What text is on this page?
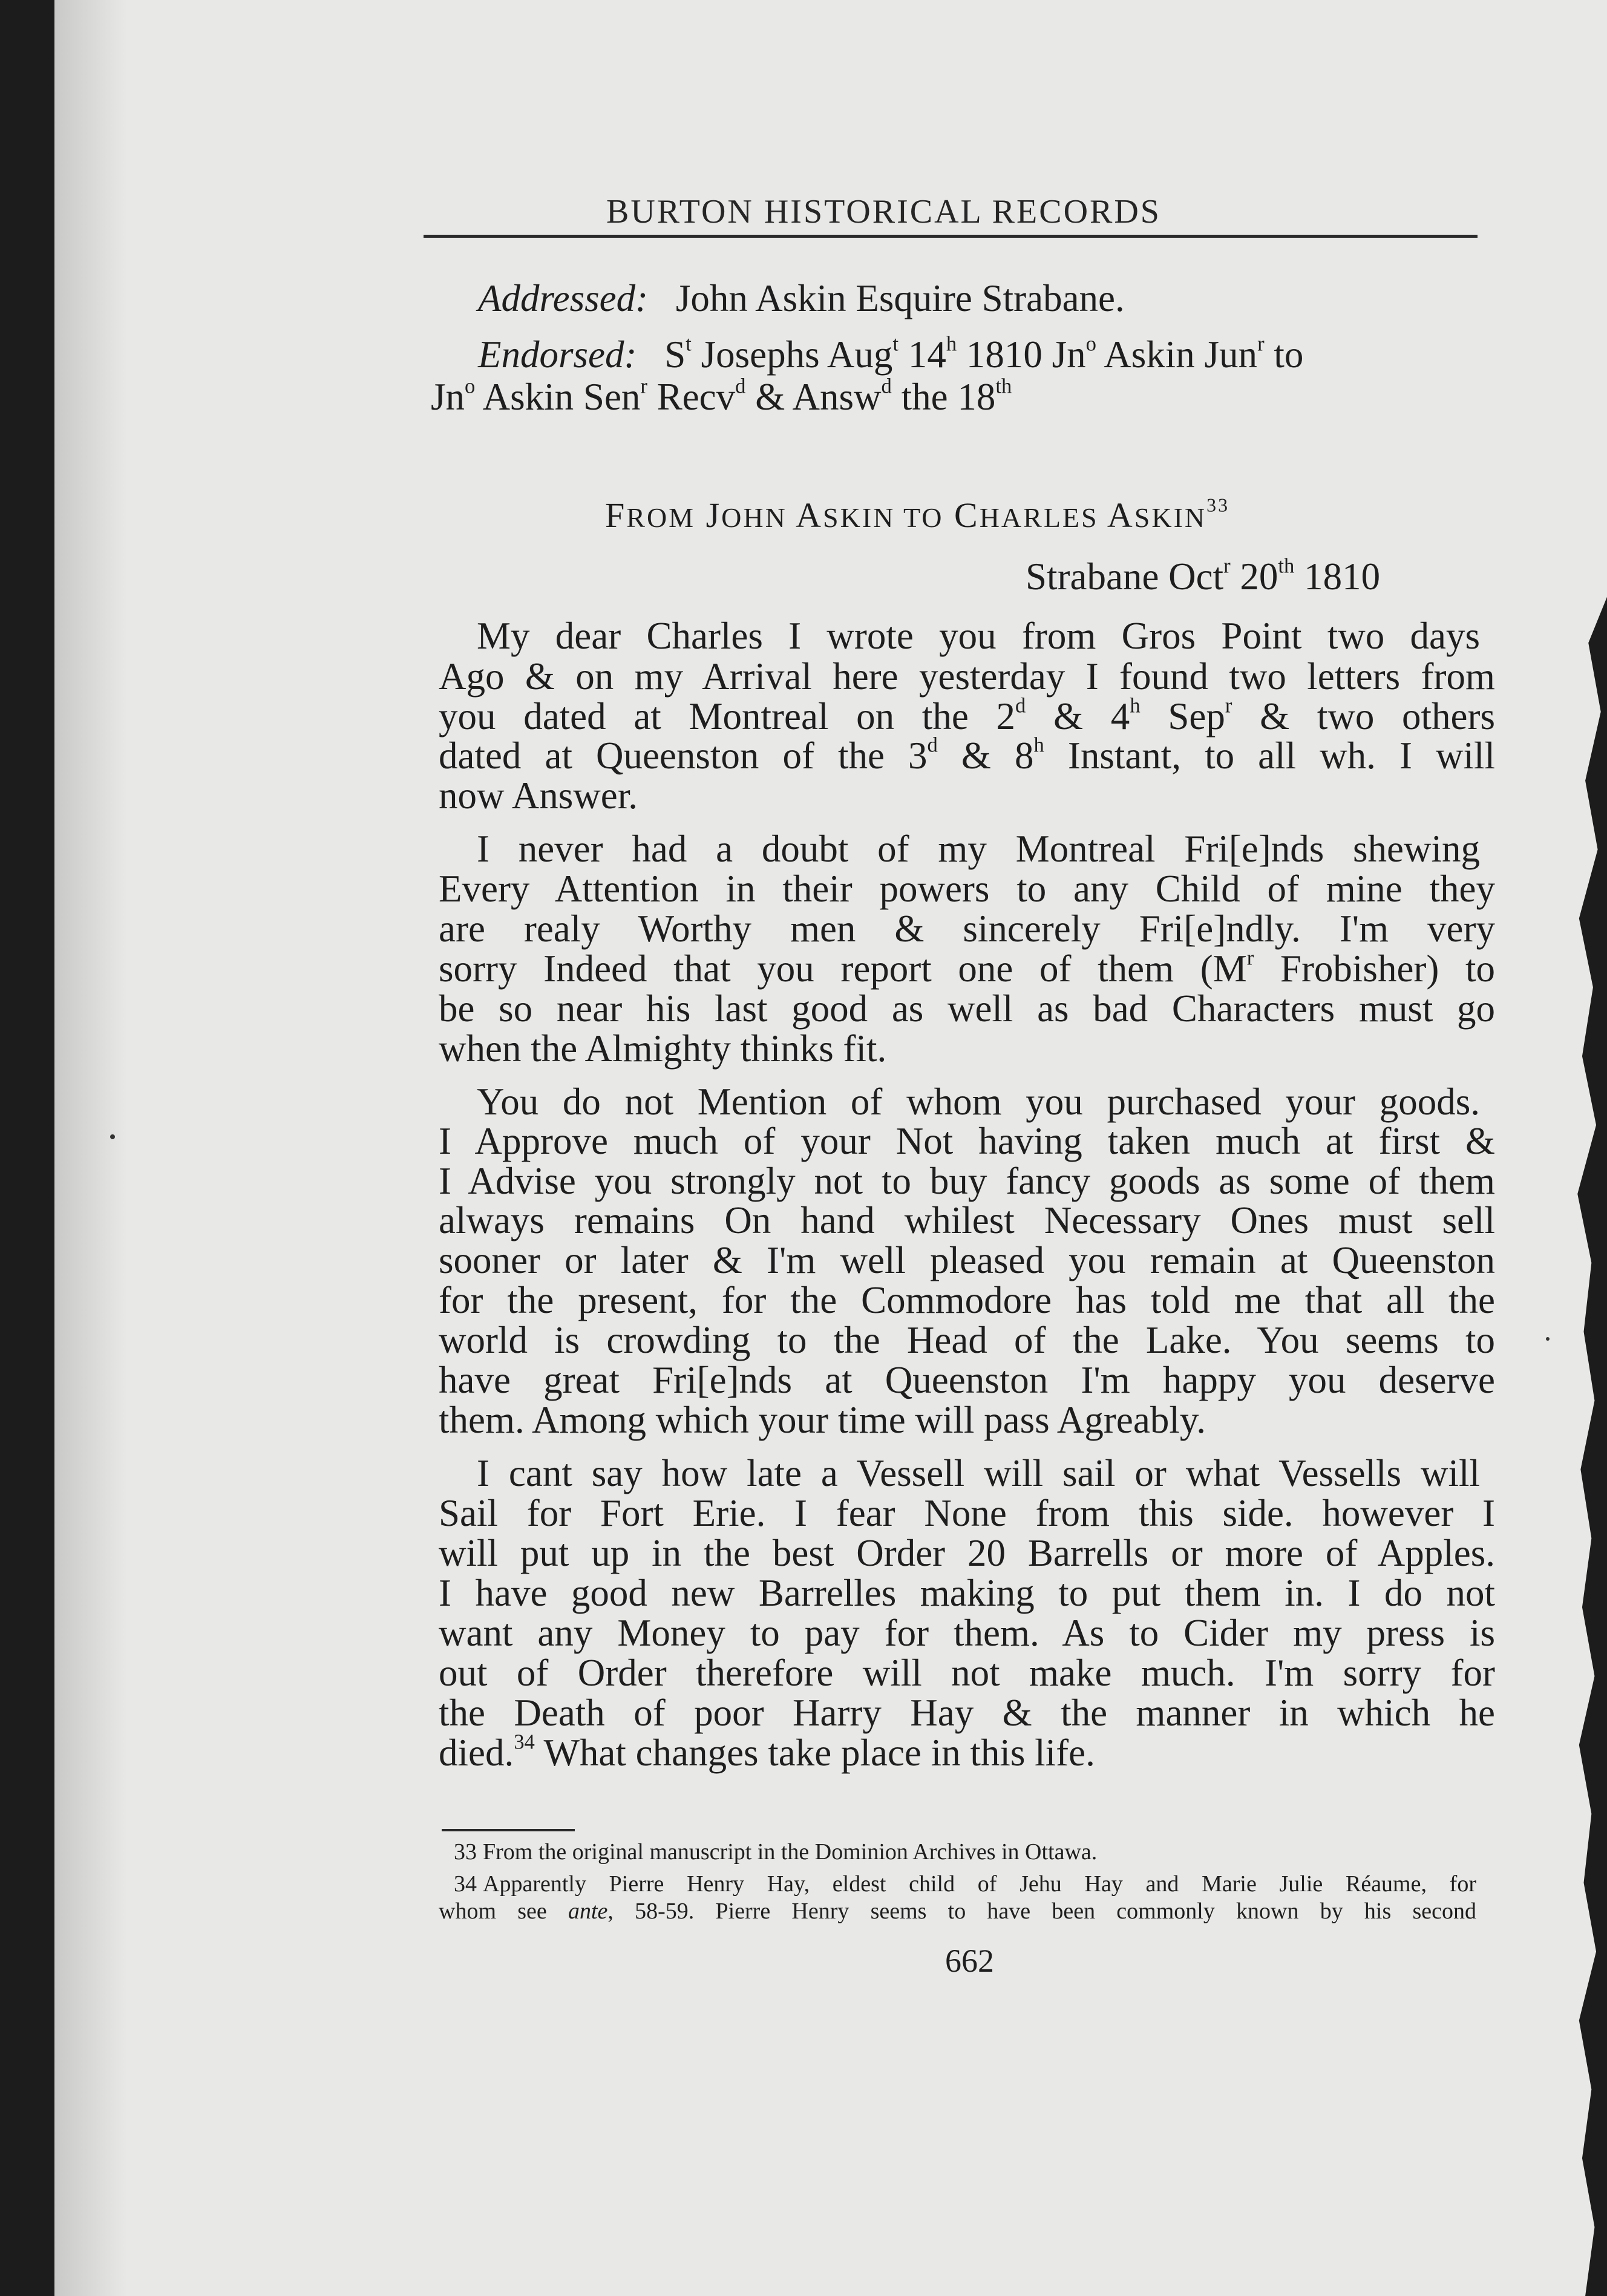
BURTON HISTORICAL RECORDS
Addressed: John Askin Esquire Strabane.
Endorsed: $S^t$ Josephs Aug$^t$ 14$^h$ 1810 Jn$^o$ Askin Jun$^r$ to
Jn$^o$ Askin Sen$^r$ Recv$^d$ & Answ$^d$ the 18th
FROM JOHN ASKIN TO CHARLES ASKIN$^{33}$
Strabane Oct$^r$ 20th 1810
My dear Charles I wrote you from Gros Point two days
Ago & on my Arrival here yesterday I found two letters from
you dated at Montreal on the 2$^d$ & 4$^h$ Sep$^r$ & two others
dated at Queenston of the 3$^d$ & 8$^h$ Instant, to all wh. I will
now Answer.
I never had a doubt of my Montreal Fri[e]nds shewing
Every Attention in their powers to any Child of mine they
are realy Worthy men & sincerely Fri[e]ndly. I'm very
sorry Indeed that you report one of them ($M^r$ Frobisher) to
be so near his last good as well as bad Characters must go
when the Almighty thinks fit.
You do not Mention of whom you purchased your goods.
I Approve much of your Not having taken much at first &
I Advise you strongly not to buy fancy goods as some of them
always remains On hand whilest Necessary Ones must sell
sooner or later & I'm well pleased you remain at Queenston
for the present, for the Commodore has told me that all the
world is crowding to the Head of the Lake. You seems to
have great Fri[e]nds at Queenston I'm happy you deserve
them. Among which your time will pass Agreably.
I cant say how late a Vessell will sail or what Vessells will
Sail for Fort Erie. I fear None from this side. however I
will put up in the best Order 20 Barrells or more of Apples.
I have good new Barrelles making to put them in. I do not
want any Money to pay for them. As to Cider my press is
out of Order therefore will not make much. I'm sorry for
the Death of poor Harry Hay & the manner in which he
died.$^{34}$ What changes take place in this life.
33 From the original manuscript in the Dominion Archives in Ottawa.
34 Apparently Pierre Henry Hay, eldest child of Jehu Hay and Marie Julie Réaume, for
whom see ante, 58-59. Pierre Henry seems to have been commonly known by his second
662
